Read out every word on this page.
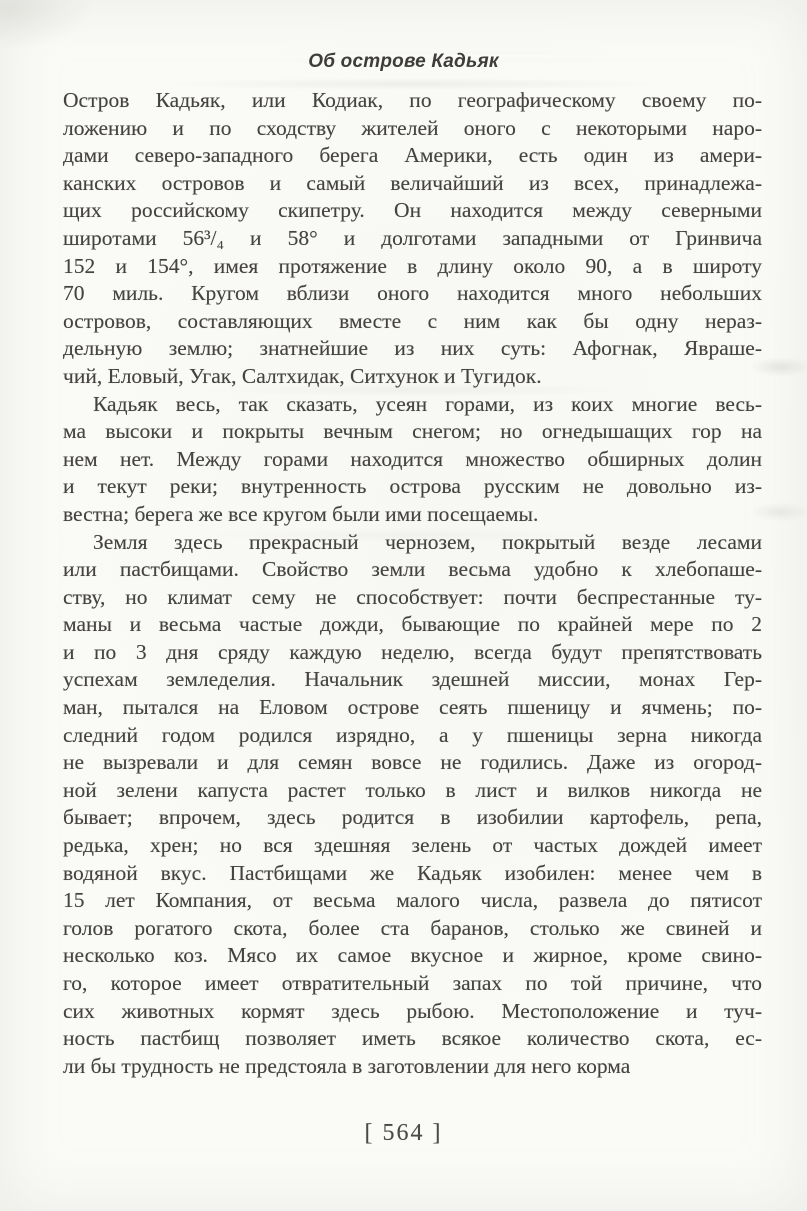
Об острове Кадьяк
Остров Кадьяк, или Кодиак, по географическому своему по-
ложению и по сходству жителей оного с некоторыми наро-
дами северо-западного берега Америки, есть один из амери-
канских островов и самый величайший из всех, принадлежа-
щих российскому скипетру. Он находится между северными
широтами 56³/₄ и 58° и долготами западными от Гринвича
152 и 154°, имея протяжение в длину около 90, а в широту
70 миль. Кругом вблизи оного находится много небольших
островов, составляющих вместе с ним как бы одну нераз-
дельную землю; знатнейшие из них суть: Афогнак, Явраше-
чий, Еловый, Угак, Салтхидак, Ситхунок и Тугидок.
Кадьяк весь, так сказать, усеян горами, из коих многие весь-
ма высоки и покрыты вечным снегом; но огнедышащих гор на
нем нет. Между горами находится множество обширных долин
и текут реки; внутренность острова русским не довольно из-
вестна; берега же все кругом были ими посещаемы.
Земля здесь прекрасный чернозем, покрытый везде лесами
или пастбищами. Свойство земли весьма удобно к хлебопаше-
ству, но климат сему не способствует: почти беспрестанные ту-
маны и весьма частые дожди, бывающие по крайней мере по 2
и по 3 дня сряду каждую неделю, всегда будут препятствовать
успехам земледелия. Начальник здешней миссии, монах Гер-
ман, пытался на Еловом острове сеять пшеницу и ячмень; по-
следний годом родился изрядно, а у пшеницы зерна никогда
не вызревали и для семян вовсе не годились. Даже из огород-
ной зелени капуста растет только в лист и вилков никогда не
бывает; впрочем, здесь родится в изобилии картофель, репа,
редька, хрен; но вся здешняя зелень от частых дождей имеет
водяной вкус. Пастбищами же Кадьяк изобилен: менее чем в
15 лет Компания, от весьма малого числа, развела до пятисот
голов рогатого скота, более ста баранов, столько же свиней и
несколько коз. Мясо их самое вкусное и жирное, кроме свино-
го, которое имеет отвратительный запах по той причине, что
сих животных кормят здесь рыбою. Местоположение и туч-
ность пастбищ позволяет иметь всякое количество скота, ес-
ли бы трудность не предстояла в заготовлении для него корма
[ 564 ]
